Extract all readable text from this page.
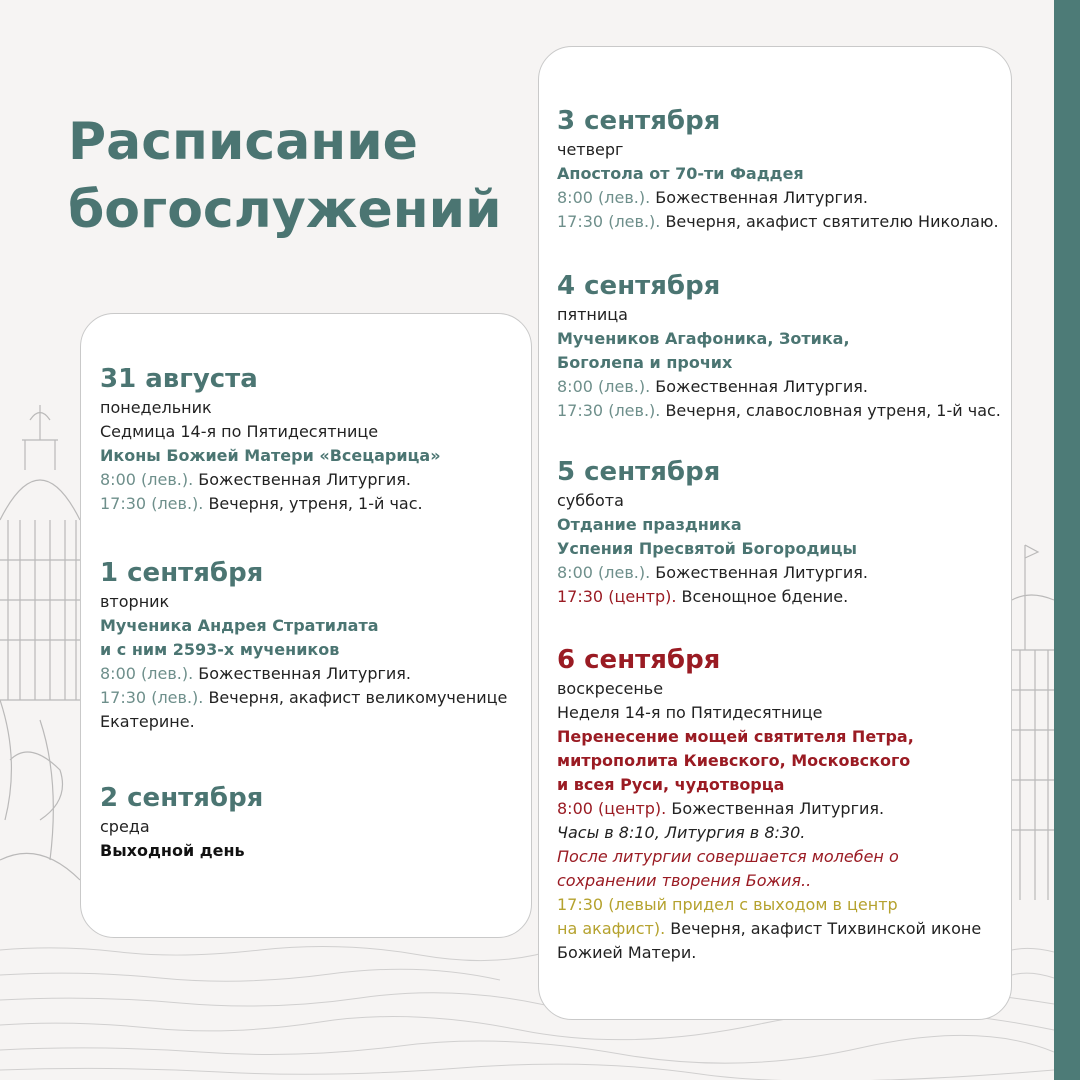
Расписание
богослужений
31 августа
понедельник
Седмица 14-я по Пятидесятнице
Иконы Божией Матери «Всецарица»
8:00 (лев.). Божественная Литургия.
17:30 (лев.). Вечерня, утреня, 1-й час.
1 сентября
вторник
Мученика Андрея Стратилата
и с ним 2593-х мучеников
8:00 (лев.). Божественная Литургия.
17:30 (лев.). Вечерня, акафист великомученице
Екатерине.
2 сентября
среда
Выходной день
3 сентября
четверг
Апостола от 70-ти Фаддея
8:00 (лев.). Божественная Литургия.
17:30 (лев.). Вечерня, акафист святителю Николаю.
4 сентября
пятница
Мучеников Агафоника, Зотика,
Боголепа и прочих
8:00 (лев.). Божественная Литургия.
17:30 (лев.). Вечерня, славословная утреня, 1-й час.
5 сентября
суббота
Отдание праздника
Успения Пресвятой Богородицы
8:00 (лев.). Божественная Литургия.
17:30 (центр). Всенощное бдение.
6 сентября
воскресенье
Неделя 14-я по Пятидесятнице
Перенесение мощей святителя Петра,
митрополита Киевского, Московского
и всея Руси, чудотворца
8:00 (центр). Божественная Литургия.
Часы в 8:10, Литургия в 8:30.
После литургии совершается молебен о
сохранении творения Божия..
17:30 (левый придел с выходом в центр
на акафист). Вечерня, акафист Тихвинской иконе
Божией Матери.
